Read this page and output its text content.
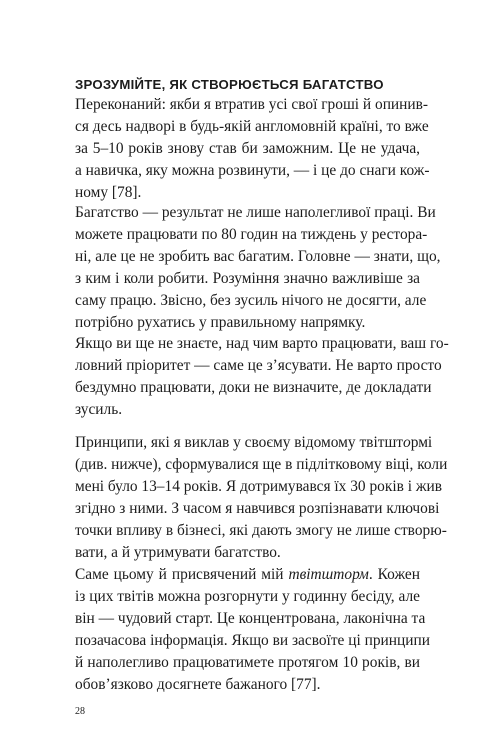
ЗРОЗУМІЙТЕ, ЯК СТВОРЮЄТЬСЯ БАГАТСТВО
Переконаний: якби я втратив усі свої гроші й опинив-
ся десь надворі в будь-якій англомовній країні, то вже
за 5–10 років знову став би заможним. Це не удача,
а навичка, яку можна розвинути, — і це до снаги кож-
ному [78].
Багатство — результат не лише наполегливої праці. Ви
можете працювати по 80 годин на тиждень у рестора-
ні, але це не зробить вас багатим. Головне — знати, що,
з ким і коли робити. Розуміння значно важливіше за
саму працю. Звісно, без зусиль нічого не досягти, але
потрібно рухатись у правильному напрямку.
Якщо ви ще не знаєте, над чим варто працювати, ваш го-
ловний пріоритет — саме це з’ясувати. Не варто просто
бездумно працювати, доки не визначите, де докладати
зусиль.
Принципи, які я виклав у своєму відомому твітштормі
(див. нижче), сформувалися ще в підлітковому віці, коли
мені було 13–14 років. Я дотримувався їх 30 років і жив
згідно з ними. З часом я навчився розпізнавати ключові
точки впливу в бізнесі, які дають змогу не лише створю-
вати, а й утримувати багатство.
Саме цьому й присвячений мій твітшторм. Кожен
із цих твітів можна розгорнути у годинну бесіду, але
він — чудовий старт. Це концентрована, лаконічна та
позачасова інформація. Якщо ви засвоїте ці принципи
й наполегливо працюватимете протягом 10 років, ви
обов’язково досягнете бажаного [77].
28
